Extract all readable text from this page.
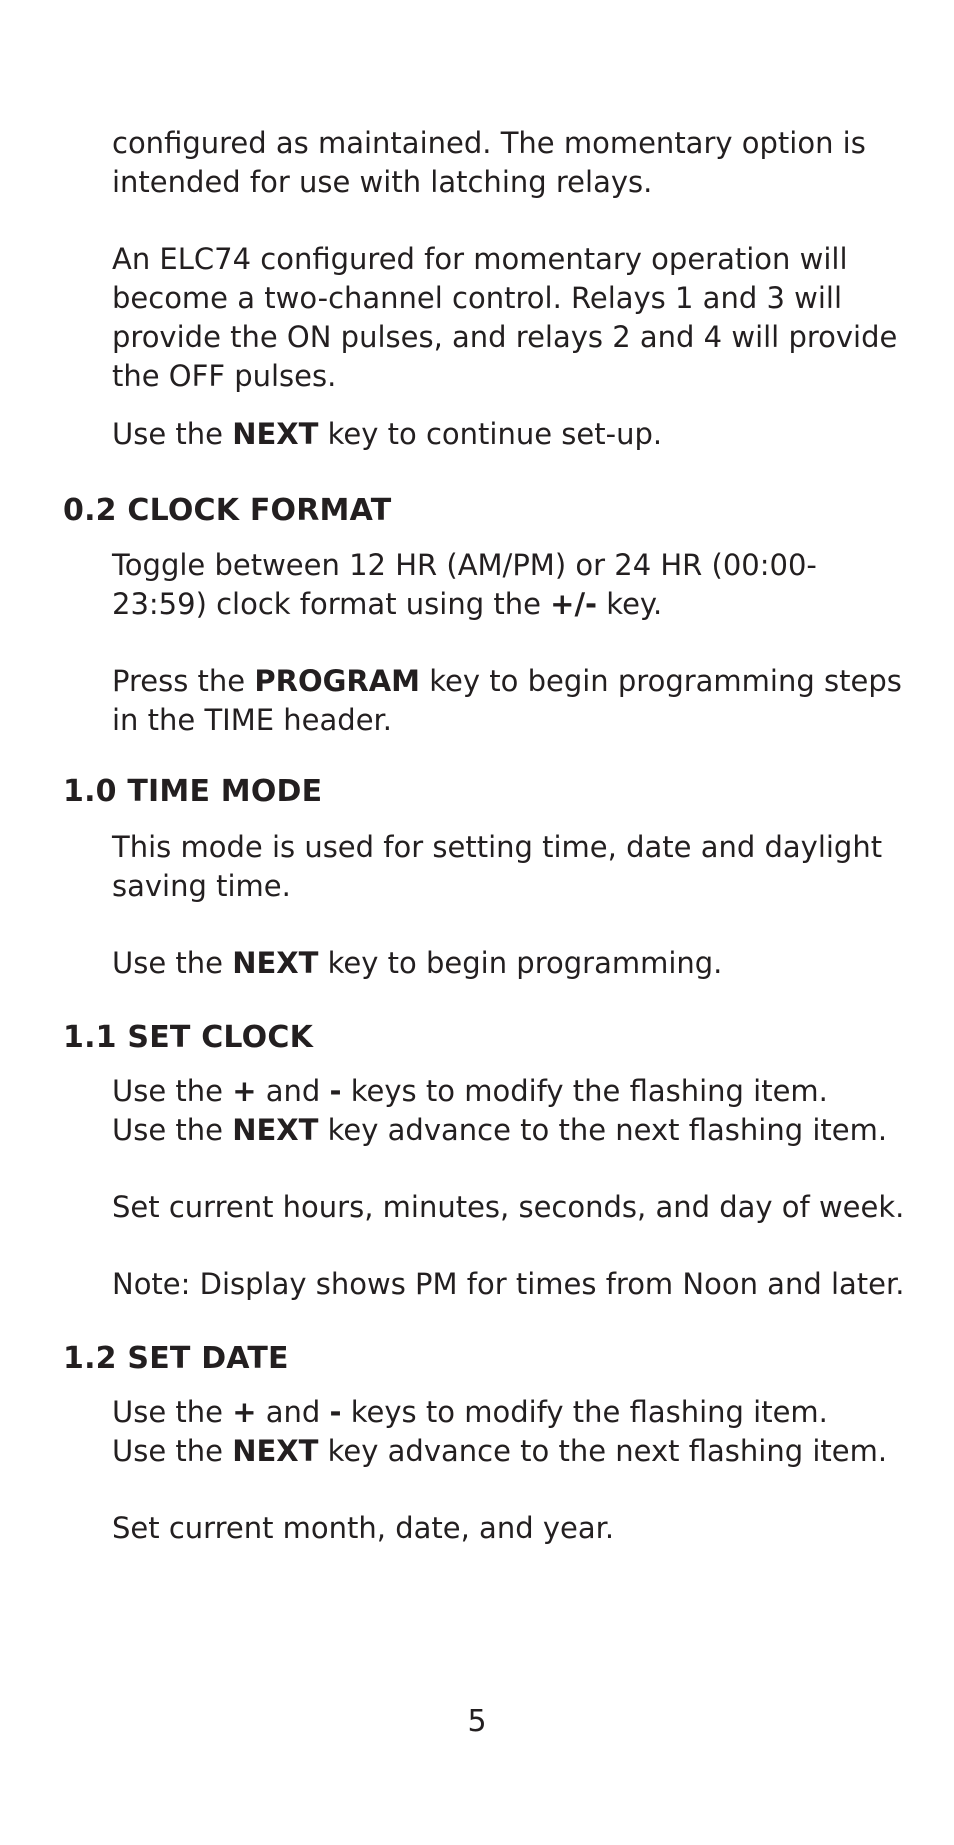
configured as maintained. The momentary option is
intended for use with latching relays.
An ELC74 configured for momentary operation will
become a two-channel control. Relays 1 and 3 will
provide the ON pulses, and relays 2 and 4 will provide
the OFF pulses.
Use the NEXT key to continue set-up.
0.2 CLOCK FORMAT
Toggle between 12 HR (AM/PM) or 24 HR (00:00-
23:59) clock format using the +/- key.
Press the PROGRAM key to begin programming steps
in the TIME header.
1.0 TIME MODE
This mode is used for setting time, date and daylight
saving time.
Use the NEXT key to begin programming.
1.1 SET CLOCK
Use the + and - keys to modify the flashing item.
Use the NEXT key advance to the next flashing item.
Set current hours, minutes, seconds, and day of week.
Note: Display shows PM for times from Noon and later.
1.2 SET DATE
Use the + and - keys to modify the flashing item.
Use the NEXT key advance to the next flashing item.
Set current month, date, and year.
5
